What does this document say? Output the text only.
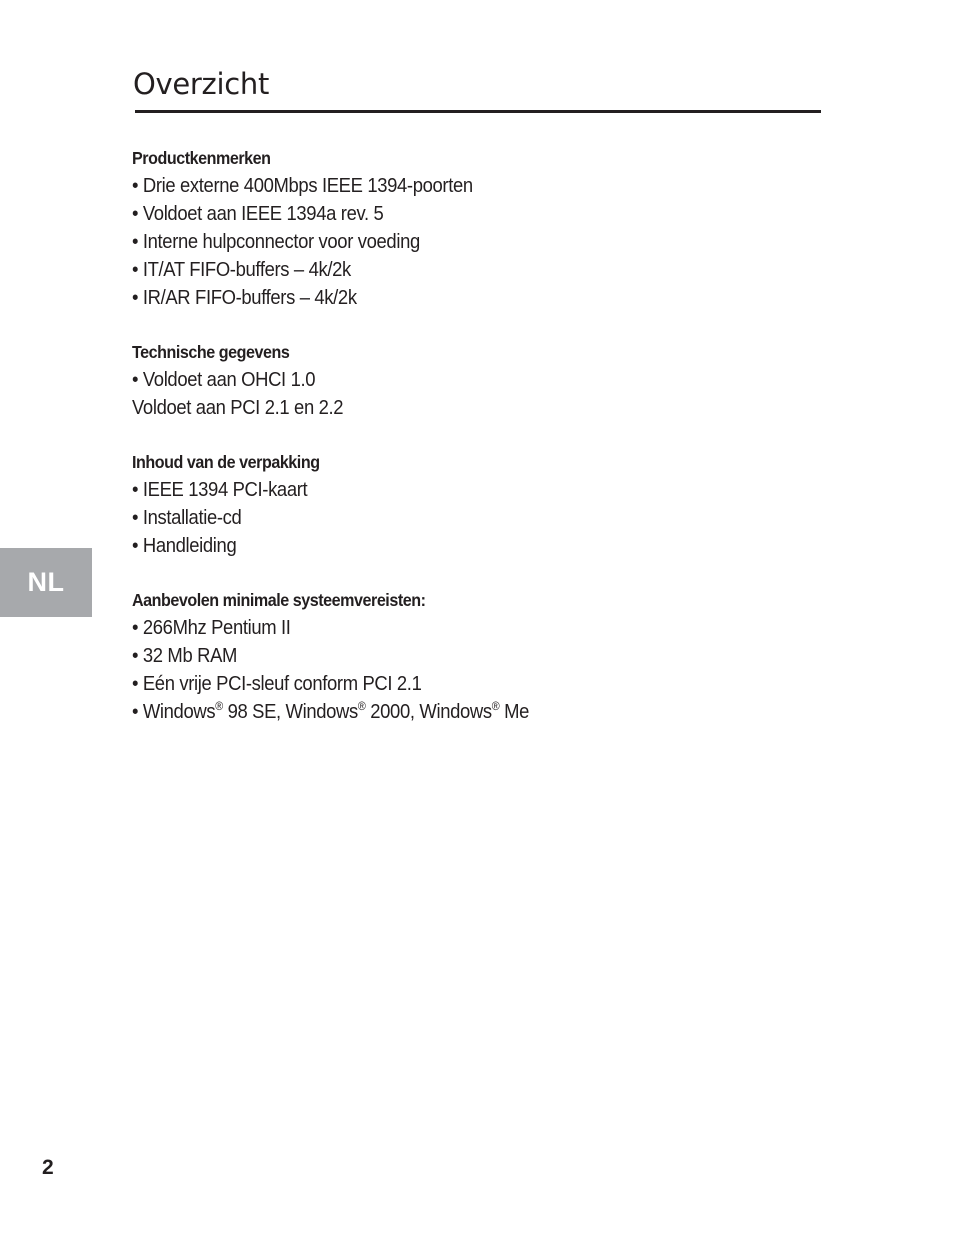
Overzicht

Productkenmerken

• Drie externe 400Mbps IEEE 1394-poorten

• Voldoet aan IEEE 1394a rev. 5

• Interne hulpconnector voor voeding

• IT/AT FIFO-buffers – 4k/2k

• IR/AR FIFO-buffers – 4k/2k

Technische gegevens

• Voldoet aan OHCI 1.0

Voldoet aan PCI 2.1 en 2.2

Inhoud van de verpakking

• IEEE 1394 PCI-kaart

• Installatie-cd

• Handleiding

Aanbevolen minimale systeemvereisten:

• 266Mhz Pentium II

• 32 Mb RAM

• Eén vrije PCI-sleuf conform PCI 2.1

• Windows® 98 SE, Windows® 2000, Windows® Me

NL
2
